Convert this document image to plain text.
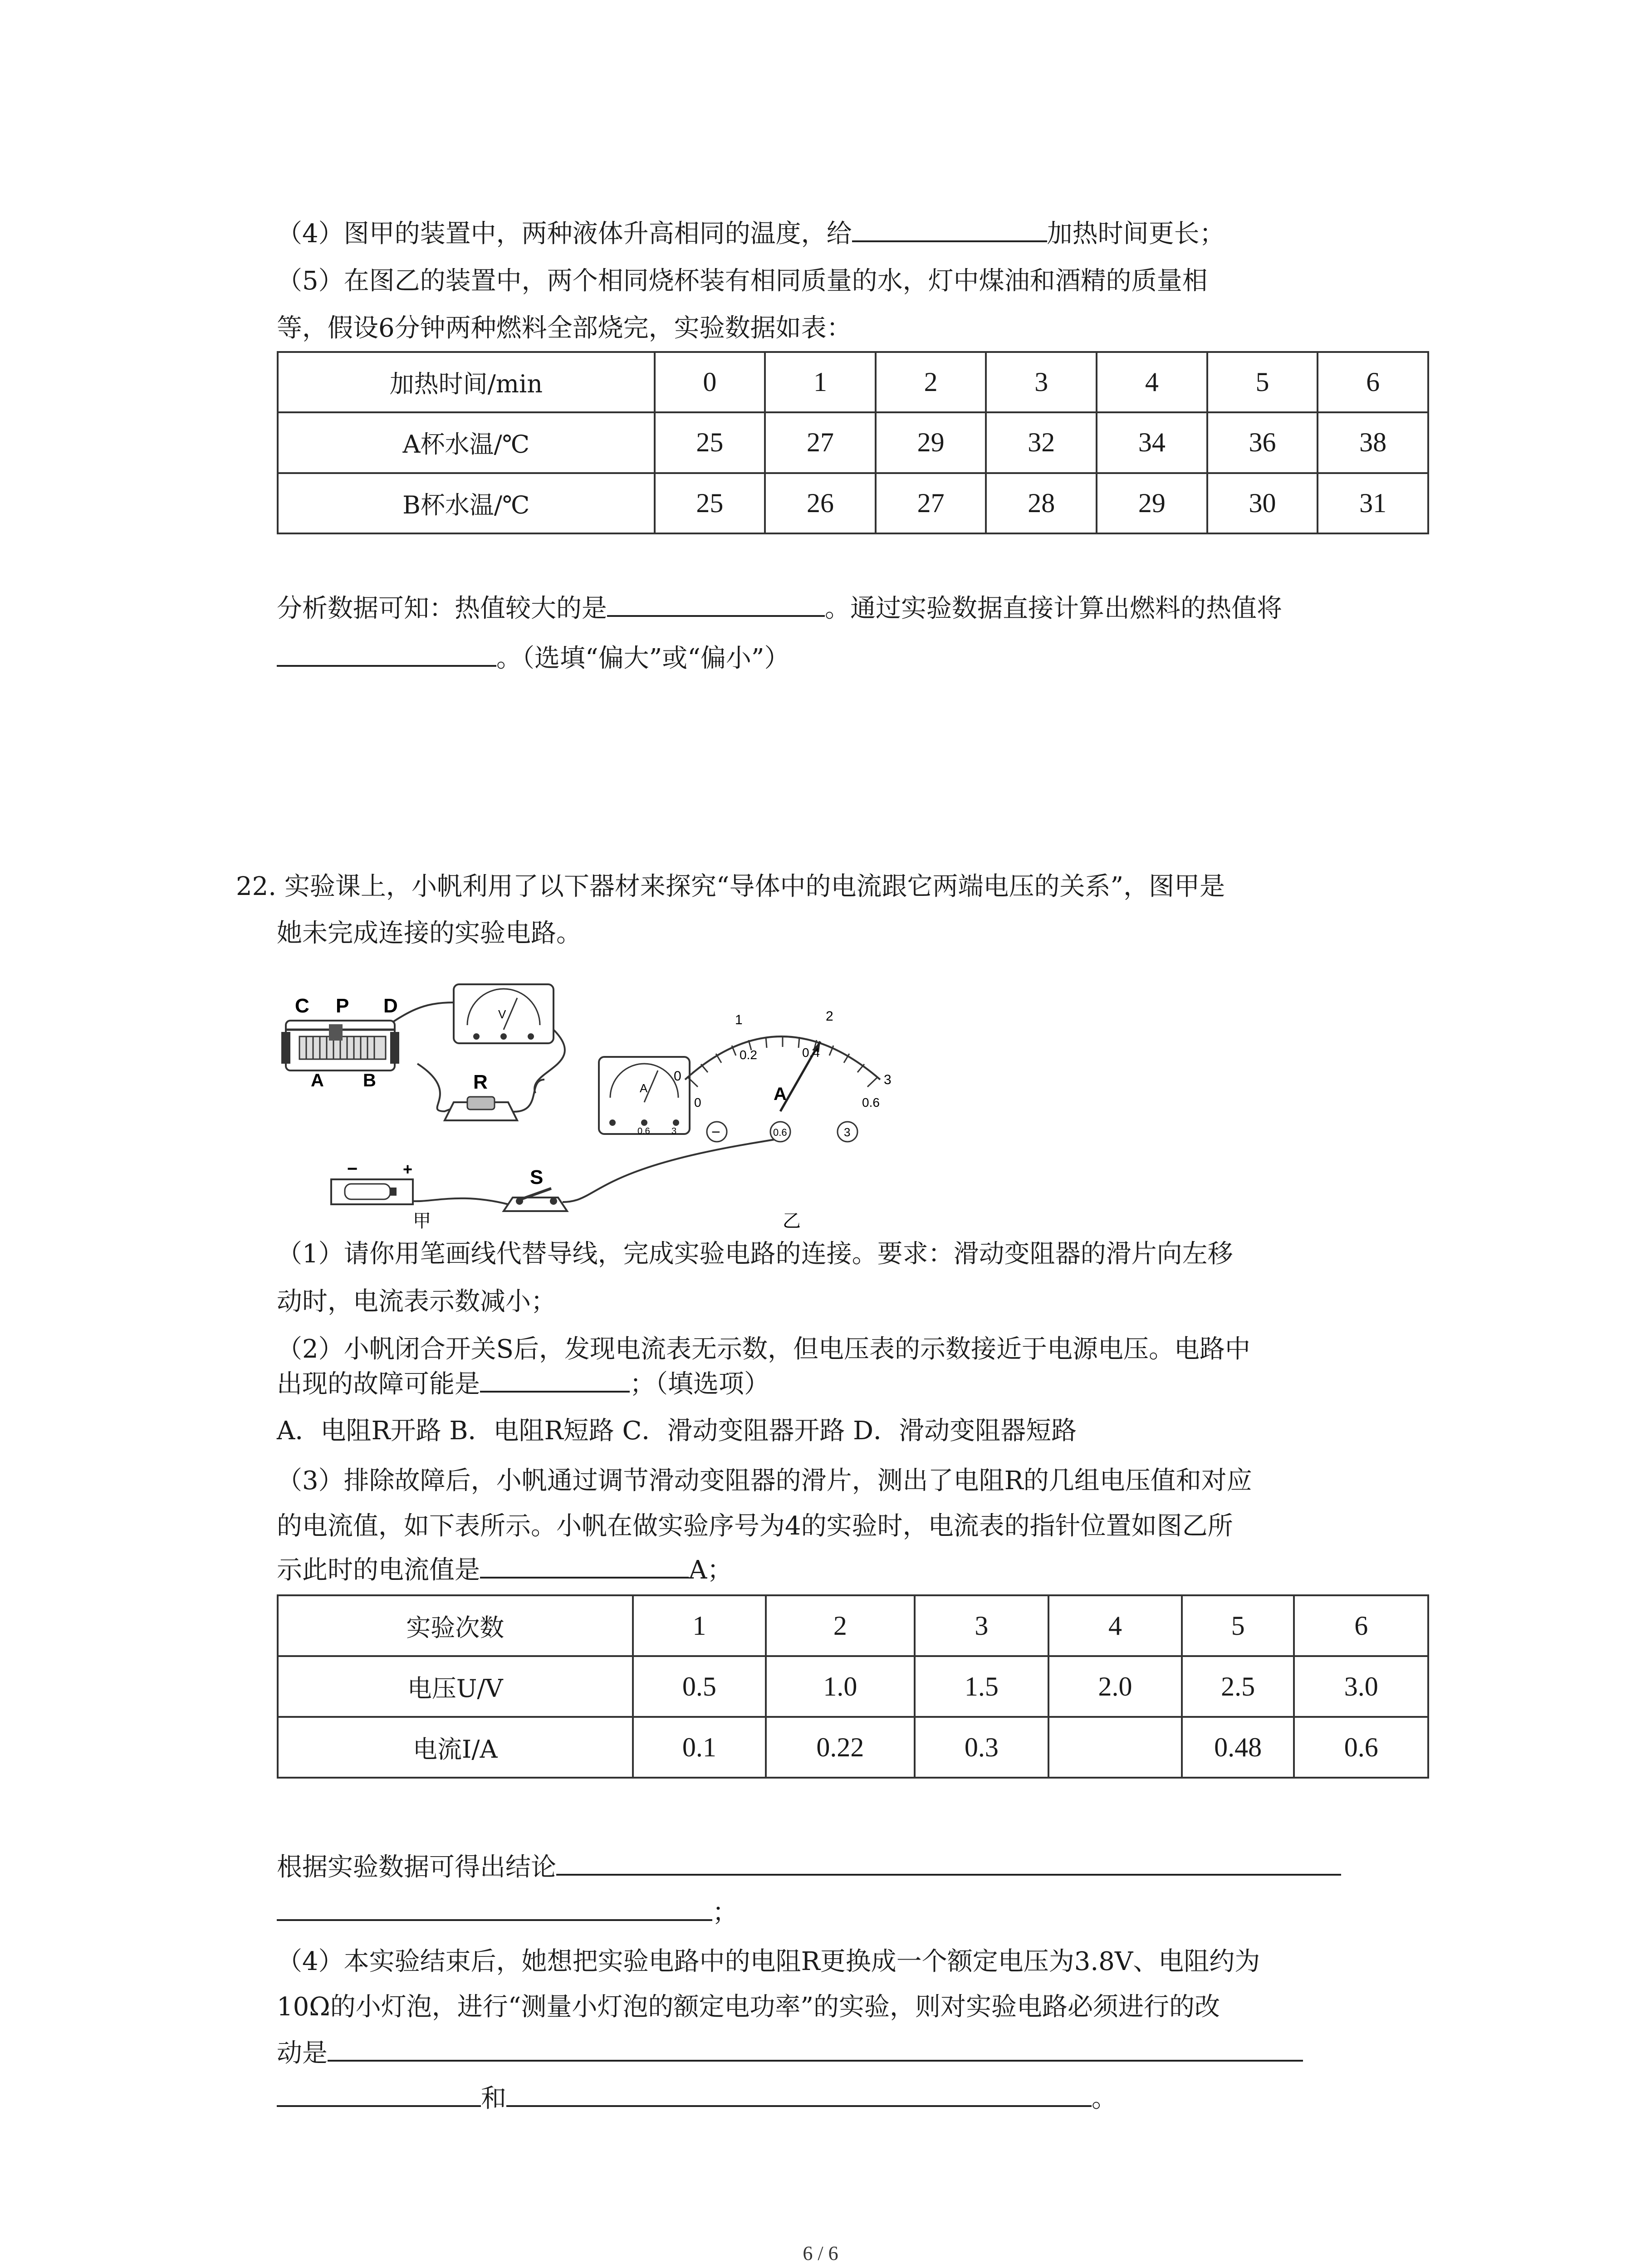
（4）图甲的装置中，两种液体升高相同的温度，给	加热时间更长；
（5）在图乙的装置中，两个相同烧杯装有相同质量的水，灯中煤油和酒精的质量相
等，假设6分钟两种燃料全部烧完，实验数据如表：
加热时间/min	0	1	2	3	4	5	6
A杯水温/℃	25	27	29	32	34	36	38
B杯水温/℃	25	26	27	28	29	30	31
分析数据可知：热值较大的是	。通过实验数据直接计算出燃料的热值将
。（选填“偏大”或“偏小”）
22. 实验课上，小帆利用了以下器材来探究“导体中的电流跟它两端电压的关系”，图甲是
她未完成连接的实验电路。
C P D
A B
V
R	A
0.6 3
−	+	S
甲
0
1	2
3
0
0.2	0.4
0.6
A
−	0.6	3
乙
（1）请你用笔画线代替导线，完成实验电路的连接。要求：滑动变阻器的滑片向左移
动时，电流表示数减小；
（2）小帆闭合开关S后，发现电流表无示数，但电压表的示数接近于电源电压。电路中
出现的故障可能是	；（填选项）
A．电阻R开路 B．电阻R短路 C．滑动变阻器开路 D．滑动变阻器短路
（3）排除故障后，小帆通过调节滑动变阻器的滑片，测出了电阻R的几组电压值和对应
的电流值，如下表所示。小帆在做实验序号为4的实验时，电流表的指针位置如图乙所
示此时的电流值是	A；
实验次数	1	2	3	4	5	6
电压U/V	0.5	1.0	1.5	2.0	2.5	3.0
电流I/A	0.1	0.22	0.3		0.48	0.6
根据实验数据可得出结论
；
（4）本实验结束后，她想把实验电路中的电阻R更换成一个额定电压为3.8V、电阻约为
10Ω的小灯泡，进行“测量小灯泡的额定电功率”的实验，则对实验电路必须进行的改
动是
和	。
6 / 6
